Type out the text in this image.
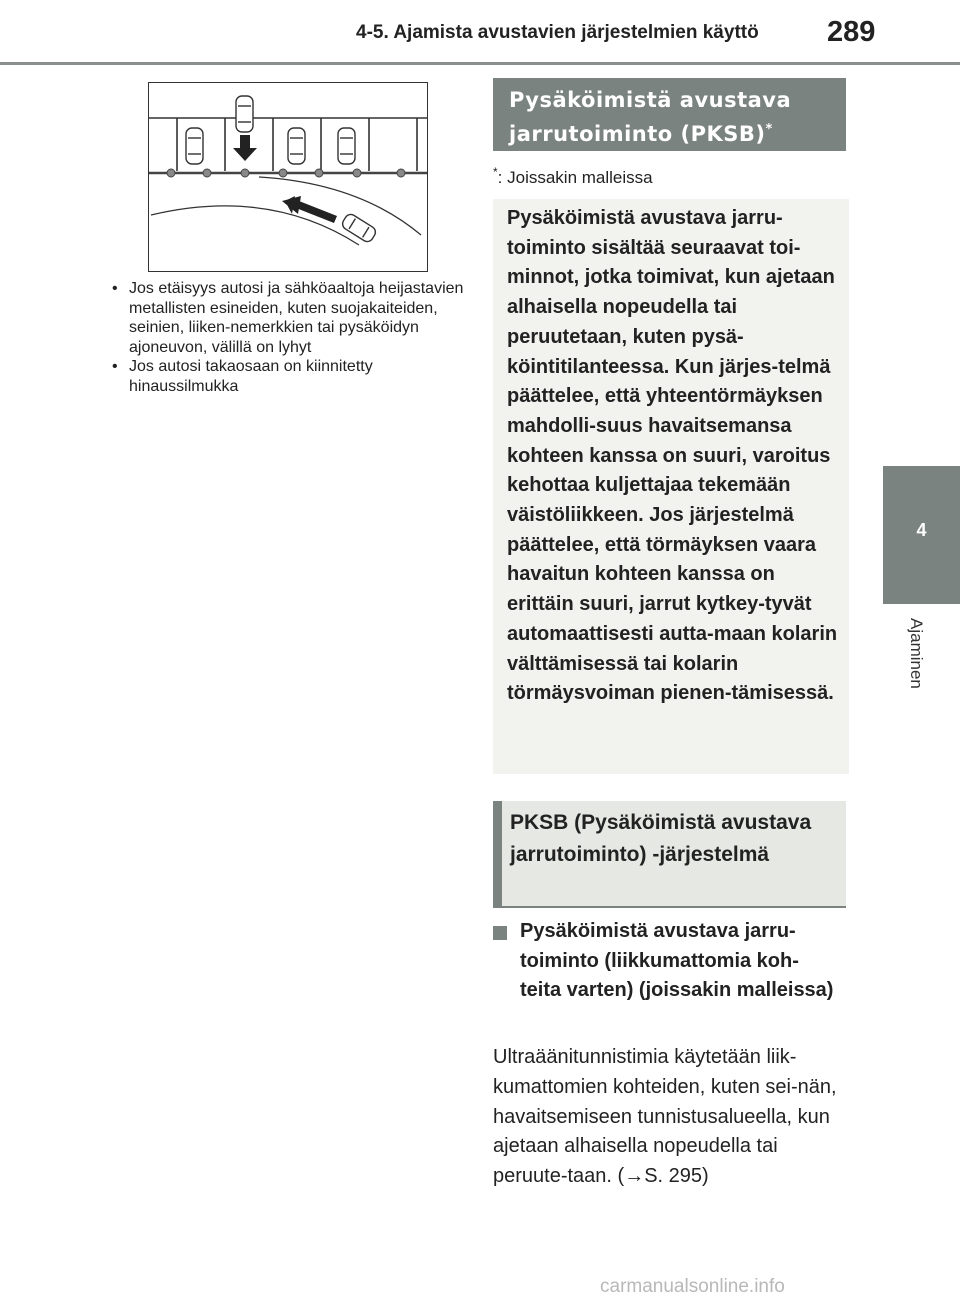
4-5. Ajamista avustavien järjestelmien käyttö 289
4
Ajaminen
• Jos etäisyys autosi ja sähköaaltoja heijastavien metallisten esineiden, kuten suojakaiteiden, seinien, liiken-nemerkkien tai pysäköidyn ajoneuvon, välillä on lyhyt
• Jos autosi takaosaan on kiinnitetty hinaussilmukka
Pysäköimistä avustava jarrutoiminto (PKSB)*
*: Joissakin malleissa
Pysäköimistä avustava jarru-toiminto sisältää seuraavat toi-minnot, jotka toimivat, kun ajetaan alhaisella nopeudella tai peruutetaan, kuten pysä-köintitilanteessa. Kun järjes-telmä päättelee, että yhteentörmäyksen mahdolli-suus havaitsemansa kohteen kanssa on suuri, varoitus kehottaa kuljettajaa tekemään väistöliikkeen. Jos järjestelmä päättelee, että törmäyksen vaara havaitun kohteen kanssa on erittäin suuri, jarrut kytkey-tyvät automaattisesti autta-maan kolarin välttämisessä tai kolarin törmäysvoiman pienen-tämisessä.
PKSB (Pysäköimistä avustava jarrutoiminto) -järjestelmä
Pysäköimistä avustava jarru-toiminto (liikkumattomia koh-teita varten) (joissakin malleissa)
Ultraäänitunnistimia käytetään liik-kumattomien kohteiden, kuten sei-nän, havaitsemiseen tunnistusalueella, kun ajetaan alhaisella nopeudella tai peruute-taan. (→S. 295)
carmanualsonline.info
